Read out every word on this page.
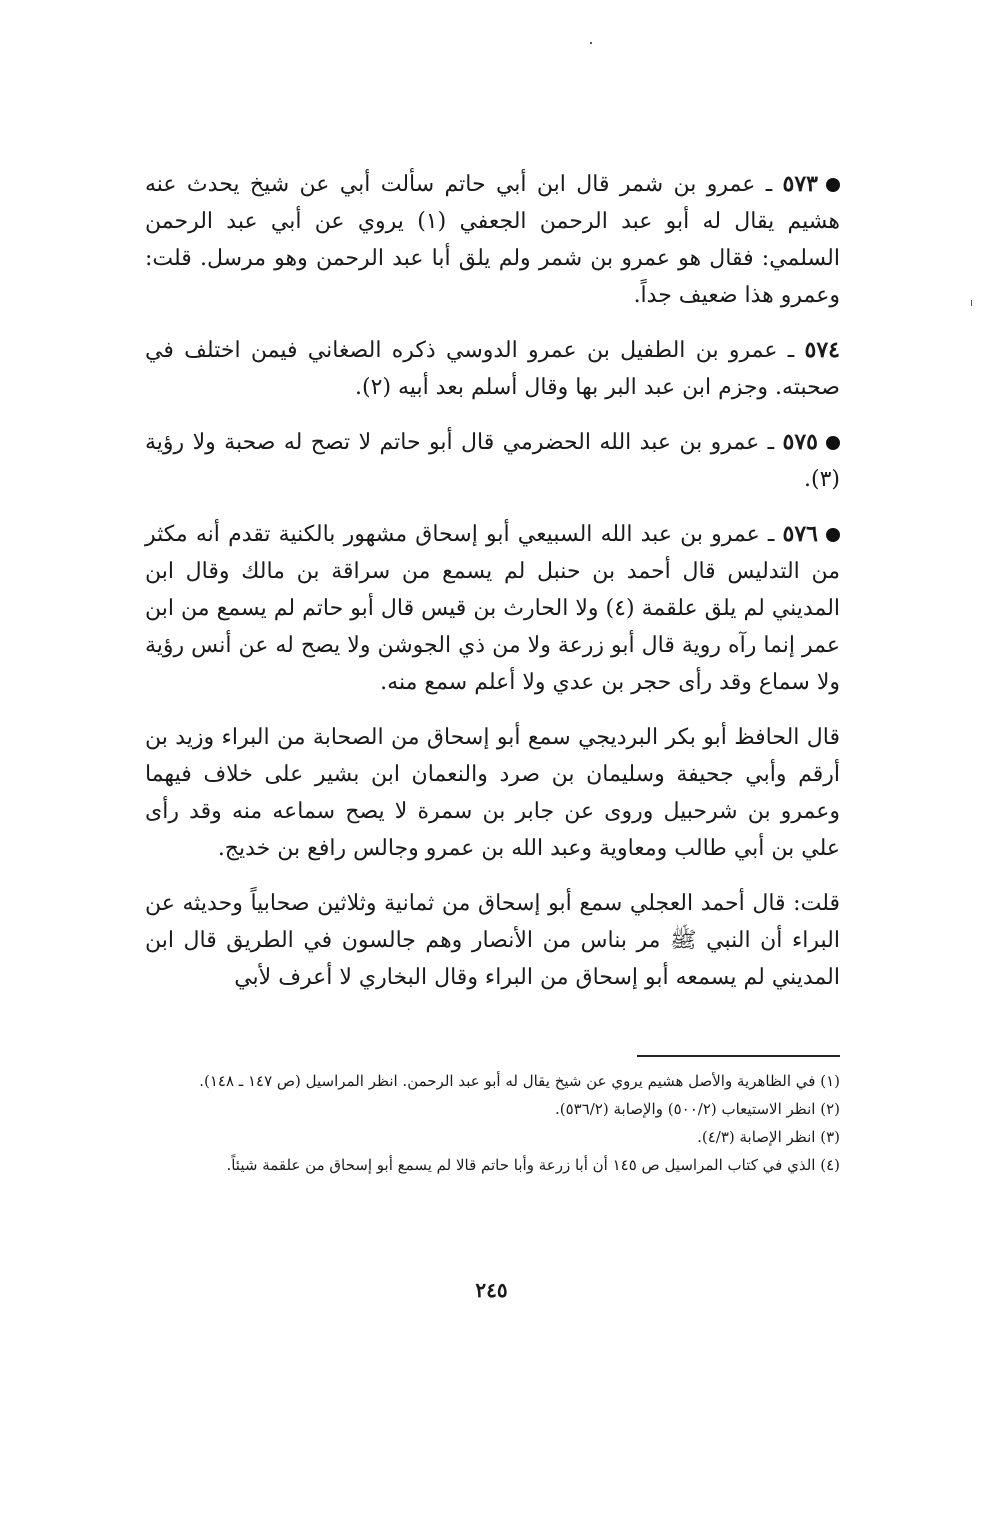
٥٧٣ ـ عمرو بن شمر قال ابن أبي حاتم سألت أبي عن شيخ يحدث عنه هشيم يقال له أبو عبد الرحمن الجعفي (١) يروي عن أبي عبد الرحمن السلمي: فقال هو عمرو بن شمر ولم يلق أبا عبد الرحمن وهو مرسل. قلت: وعمرو هذا ضعيف جداً.

٥٧٤ ـ عمرو بن الطفيل بن عمرو الدوسي ذكره الصغاني فيمن اختلف في صحبته. وجزم ابن عبد البر بها وقال أسلم بعد أبيه (٢).

٥٧٥ ـ عمرو بن عبد الله الحضرمي قال أبو حاتم لا تصح له صحبة ولا رؤية (٣).

٥٧٦ ـ عمرو بن عبد الله السبيعي أبو إسحاق مشهور بالكنية تقدم أنه مكثر من التدليس قال أحمد بن حنبل لم يسمع من سراقة بن مالك وقال ابن المديني لم يلق علقمة (٤) ولا الحارث بن قيس قال أبو حاتم لم يسمع من ابن عمر إنما رآه روية قال أبو زرعة ولا من ذي الجوشن ولا يصح له عن أنس رؤية ولا سماع وقد رأى حجر بن عدي ولا أعلم سمع منه.

قال الحافظ أبو بكر البرديجي سمع أبو إسحاق من الصحابة من البراء وزيد بن أرقم وأبي جحيفة وسليمان بن صرد والنعمان ابن بشير على خلاف فيهما وعمرو بن شرحبيل وروى عن جابر بن سمرة لا يصح سماعه منه وقد رأى علي بن أبي طالب ومعاوية وعبد الله بن عمرو وجالس رافع بن خديج.

قلت: قال أحمد العجلي سمع أبو إسحاق من ثمانية وثلاثين صحابياً وحديثه عن البراء أن النبي ﷺ مر بناس من الأنصار وهم جالسون في الطريق قال ابن المديني لم يسمعه أبو إسحاق من البراء وقال البخاري لا أعرف لأبي

(١) في الظاهرية والأصل هشيم يروي عن شيخ يقال له أبو عبد الرحمن. انظر المراسيل (ص ١٤٧ ـ ١٤٨).

(٢) انظر الاستيعاب (٥٠٠/٢) والإصابة (٥٣٦/٢).

(٣) انظر الإصابة (٤/٣).

(٤) الذي في كتاب المراسيل ص ١٤٥ أن أبا زرعة وأبا حاتم قالا لم يسمع أبو إسحاق من علقمة شيئاً.

٢٤٥
